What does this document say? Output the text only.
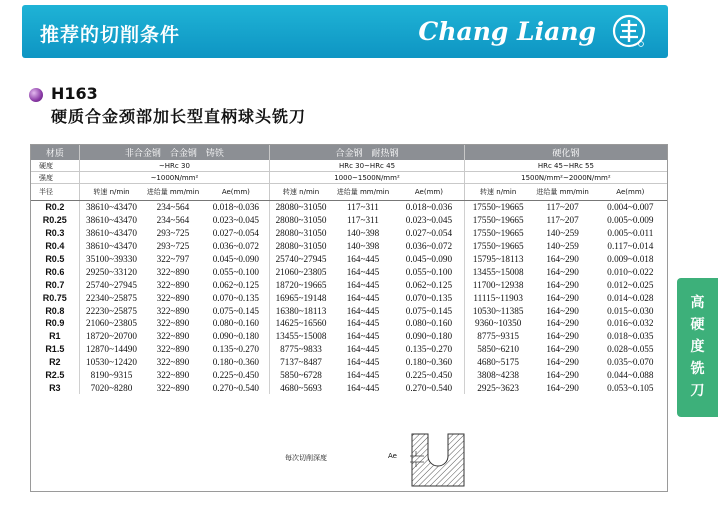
推荐的切削条件	Chang Liang
H163
硬质合金颈部加长型直柄球头铣刀
材质	非合金钢　合金钢　铸铁			合金钢　耐热钢			硬化钢		
硬度	~HRc 30			HRc 30~HRc 45			HRc 45~HRc 55		
强度	~1000N/mm²			1000~1500N/mm²			1500N/mm²~2000N/mm²		
半径	转速 n/min	进给量 mm/min	Ae(mm)	转速 n/min	进给量 mm/min	Ae(mm)	转速 n/min	进给量 mm/min	Ae(mm)
R0.2	38610~43470	234~564	0.018~0.036	28080~31050	117~311	0.018~0.036	17550~19665	117~207	0.004~0.007
R0.25	38610~43470	234~564	0.023~0.045	28080~31050	117~311	0.023~0.045	17550~19665	117~207	0.005~0.009
R0.3	38610~43470	293~725	0.027~0.054	28080~31050	140~398	0.027~0.054	17550~19665	140~259	0.005~0.011
R0.4	38610~43470	293~725	0.036~0.072	28080~31050	140~398	0.036~0.072	17550~19665	140~259	0.117~0.014
R0.5	35100~39330	322~797	0.045~0.090	25740~27945	164~445	0.045~0.090	15795~18113	164~290	0.009~0.018
R0.6	29250~33120	322~890	0.055~0.100	21060~23805	164~445	0.055~0.100	13455~15008	164~290	0.010~0.022
R0.7	25740~27945	322~890	0.062~0.125	18720~19665	164~445	0.062~0.125	11700~12938	164~290	0.012~0.025
R0.75	22340~25875	322~890	0.070~0.135	16965~19148	164~445	0.070~0.135	11115~11903	164~290	0.014~0.028
R0.8	22230~25875	322~890	0.075~0.145	16380~18113	164~445	0.075~0.145	10530~11385	164~290	0.015~0.030
R0.9	21060~23805	322~890	0.080~0.160	14625~16560	164~445	0.080~0.160	9360~10350	164~290	0.016~0.032
R1	18720~20700	322~890	0.090~0.180	13455~15008	164~445	0.090~0.180	8775~9315	164~290	0.018~0.035
R1.5	12870~14490	322~890	0.135~0.270	8775~9833	164~445	0.135~0.270	5850~6210	164~290	0.028~0.055
R2	10530~12420	322~890	0.180~0.360	7137~8487	164~445	0.180~0.360	4680~5175	164~290	0.035~0.070
R2.5	8190~9315	322~890	0.225~0.450	5850~6728	164~445	0.225~0.450	3808~4238	164~290	0.044~0.088
R3	7020~8280	322~890	0.270~0.540	4680~5693	164~445	0.270~0.540	2925~3623	164~290	0.053~0.105
每次切削深度	Ae
高
硬
度
铣
刀
